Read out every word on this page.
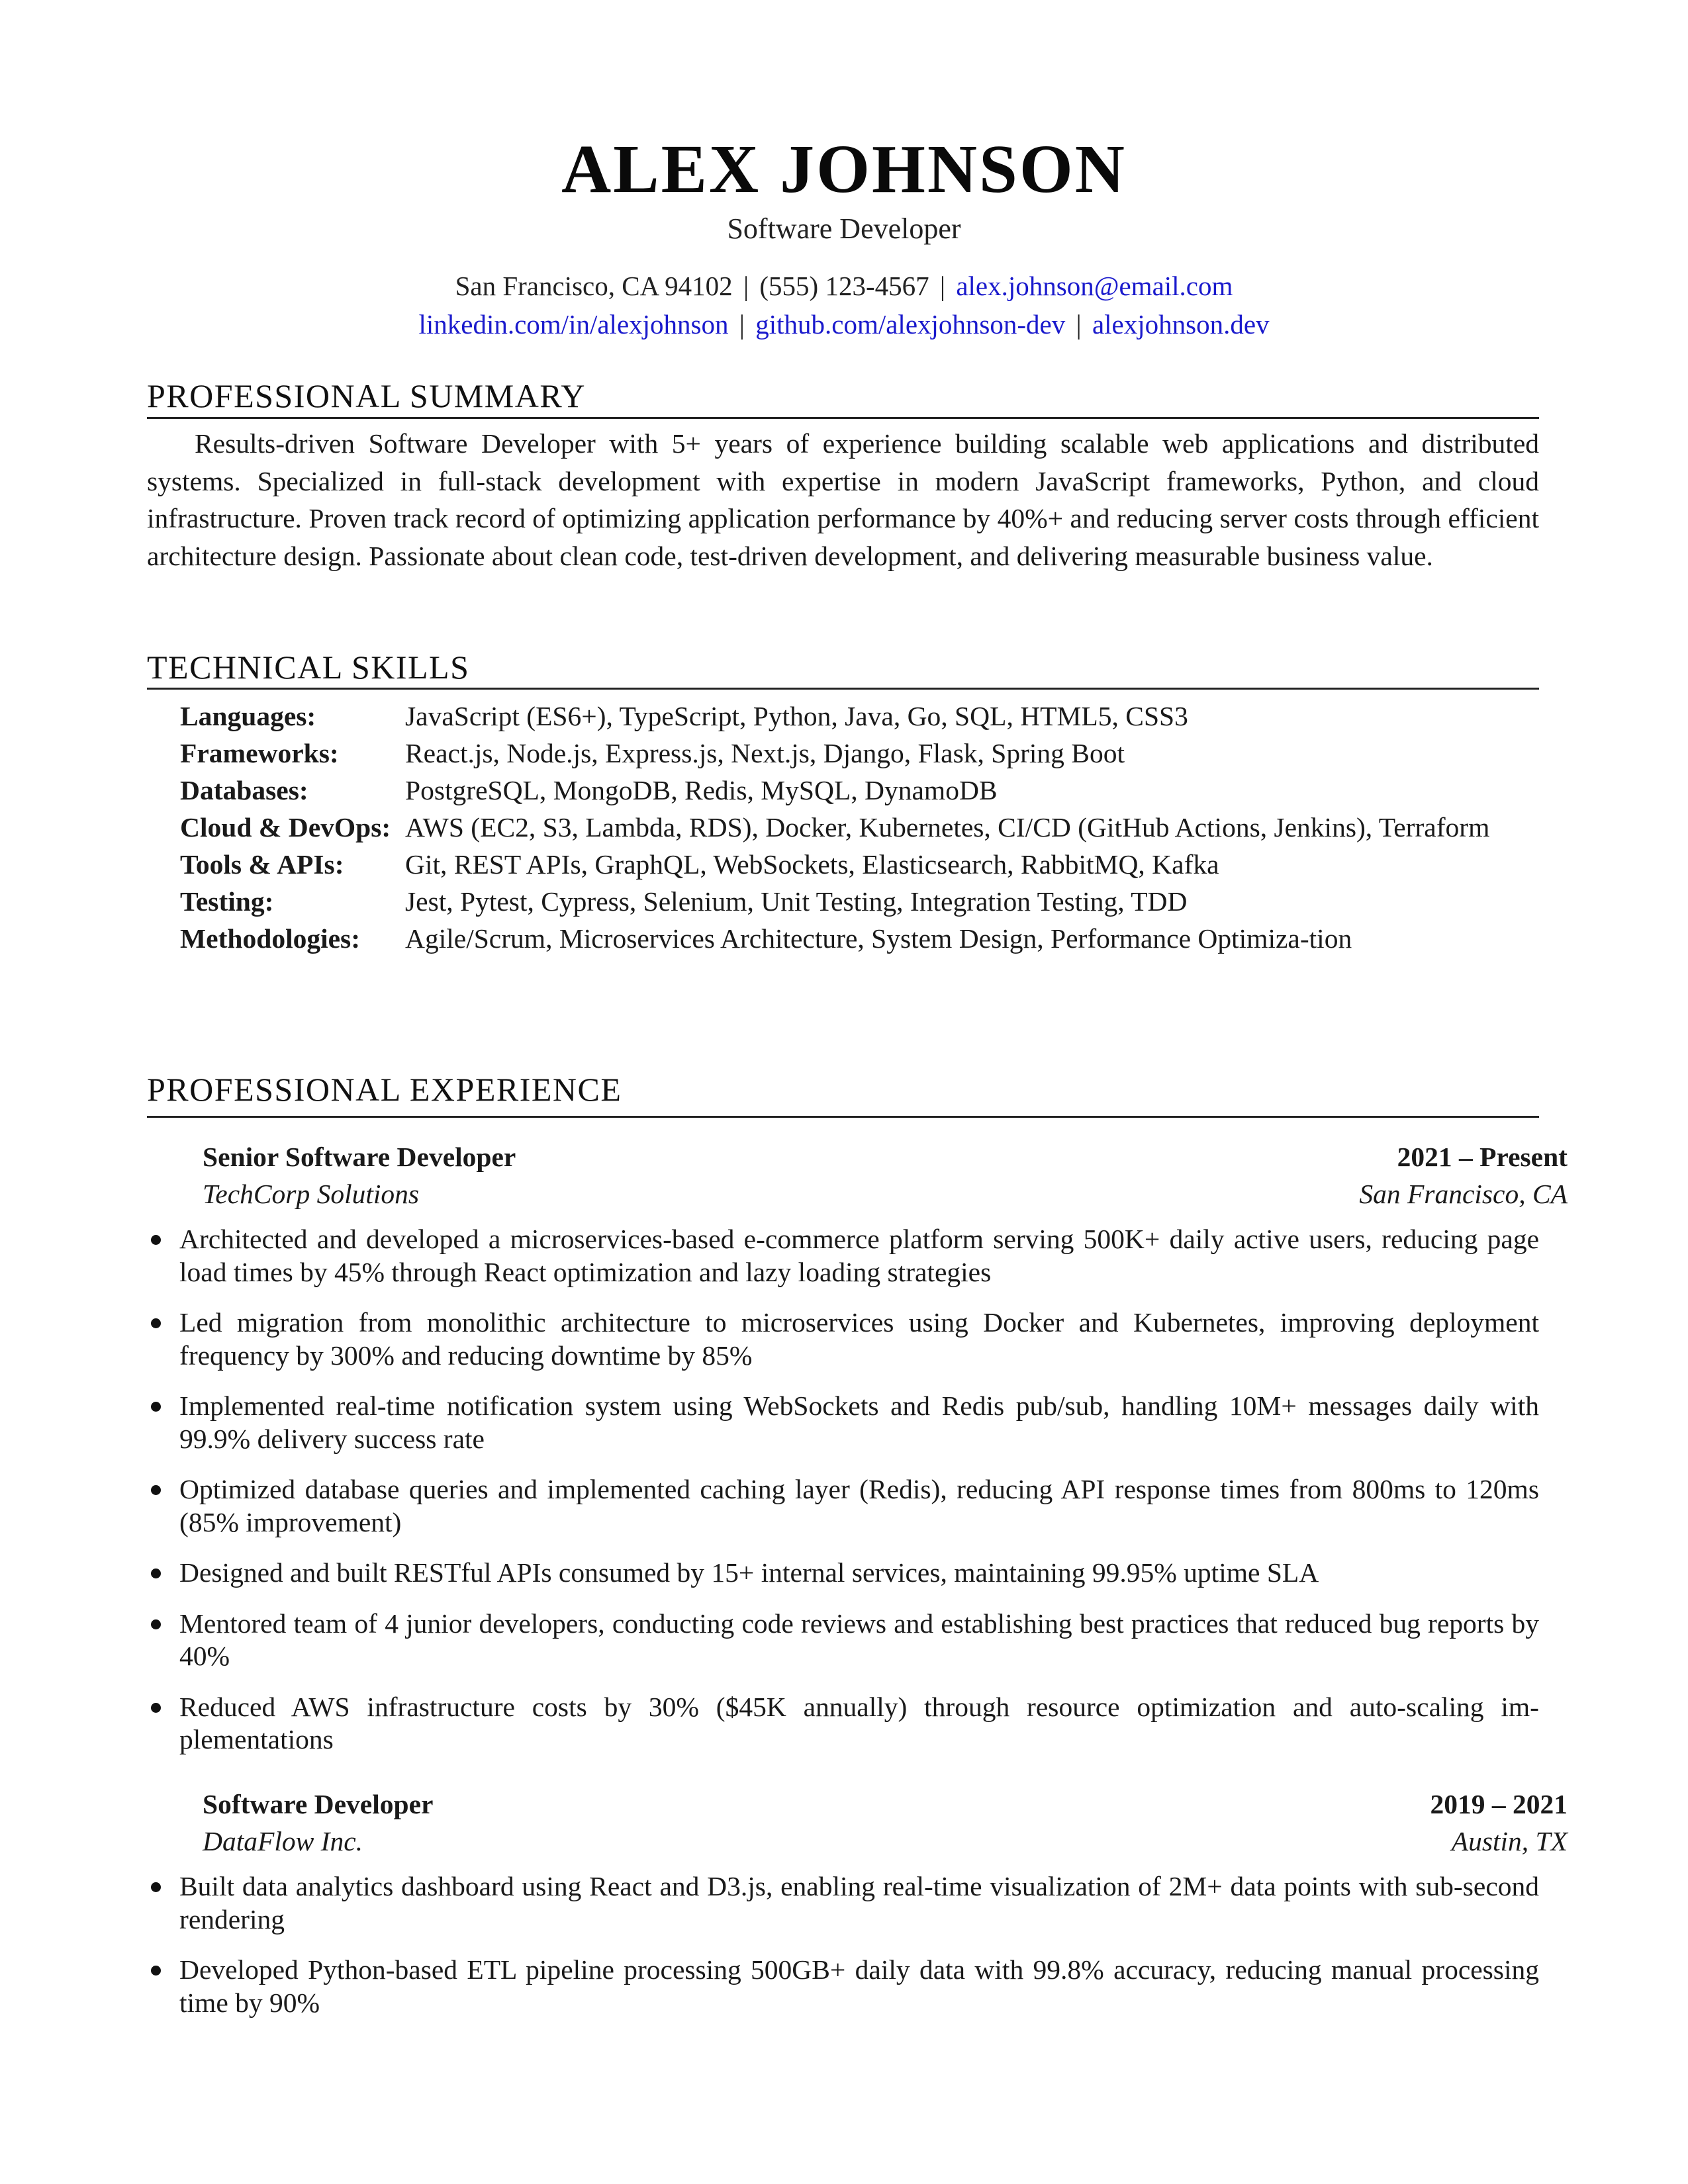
ALEX JOHNSON
Software Developer
San Francisco, CA 94102 | (555) 123-4567 | alex.johnson@email.com
linkedin.com/in/alexjohnson | github.com/alexjohnson-dev | alexjohnson.dev
PROFESSIONAL SUMMARY

Results-driven Software Developer with 5+ years of experience building scalable web applications and distributed systems. Specialized in full-stack development with expertise in modern JavaScript frameworks, Python, and cloud infrastructure. Proven track record of optimizing application performance by 40%+ and reducing server costs through efficient architecture design. Passionate about clean code, test-driven development, and delivering measurable business value.

TECHNICAL SKILLS
Languages:	JavaScript (ES6+), TypeScript, Python, Java, Go, SQL, HTML5, CSS3
Frameworks:	React.js, Node.js, Express.js, Next.js, Django, Flask, Spring Boot
Databases:	PostgreSQL, MongoDB, Redis, MySQL, DynamoDB
Cloud & DevOps: AWS (EC2, S3, Lambda, RDS), Docker, Kubernetes, CI/CD (GitHub Actions, Jenkins), Terraform
Tools & APIs:	Git, REST APIs, GraphQL, WebSockets, Elasticsearch, RabbitMQ, Kafka
Testing:	Jest, Pytest, Cypress, Selenium, Unit Testing, Integration Testing, TDD
Methodologies:	Agile/Scrum, Microservices Architecture, System Design, Performance Optimiza-tion
PROFESSIONAL EXPERIENCE
Senior Software Developer	2021 – Present
TechCorp Solutions	San Francisco, CA
Architected and developed a microservices-based e-commerce platform serving 500K+ daily active users, reducing page load times by 45% through React optimization and lazy loading strategies
Led migration from monolithic architecture to microservices using Docker and Kubernetes, improving deployment frequency by 300% and reducing downtime by 85%
Implemented real-time notification system using WebSockets and Redis pub/sub, handling 10M+ messages daily with 99.9% delivery success rate
Optimized database queries and implemented caching layer (Redis), reducing API response times from 800ms to 120ms (85% improvement)
Designed and built RESTful APIs consumed by 15+ internal services, maintaining 99.95% uptime SLA
Mentored team of 4 junior developers, conducting code reviews and establishing best practices that reduced bug reports by 40%
Reduced AWS infrastructure costs by 30% ($45K annually) through resource optimization and auto-scaling im-plementations
Software Developer	2019 – 2021
DataFlow Inc.	Austin, TX
Built data analytics dashboard using React and D3.js, enabling real-time visualization of 2M+ data points with sub-second rendering
Developed Python-based ETL pipeline processing 500GB+ daily data with 99.8% accuracy, reducing manual processing time by 90%
